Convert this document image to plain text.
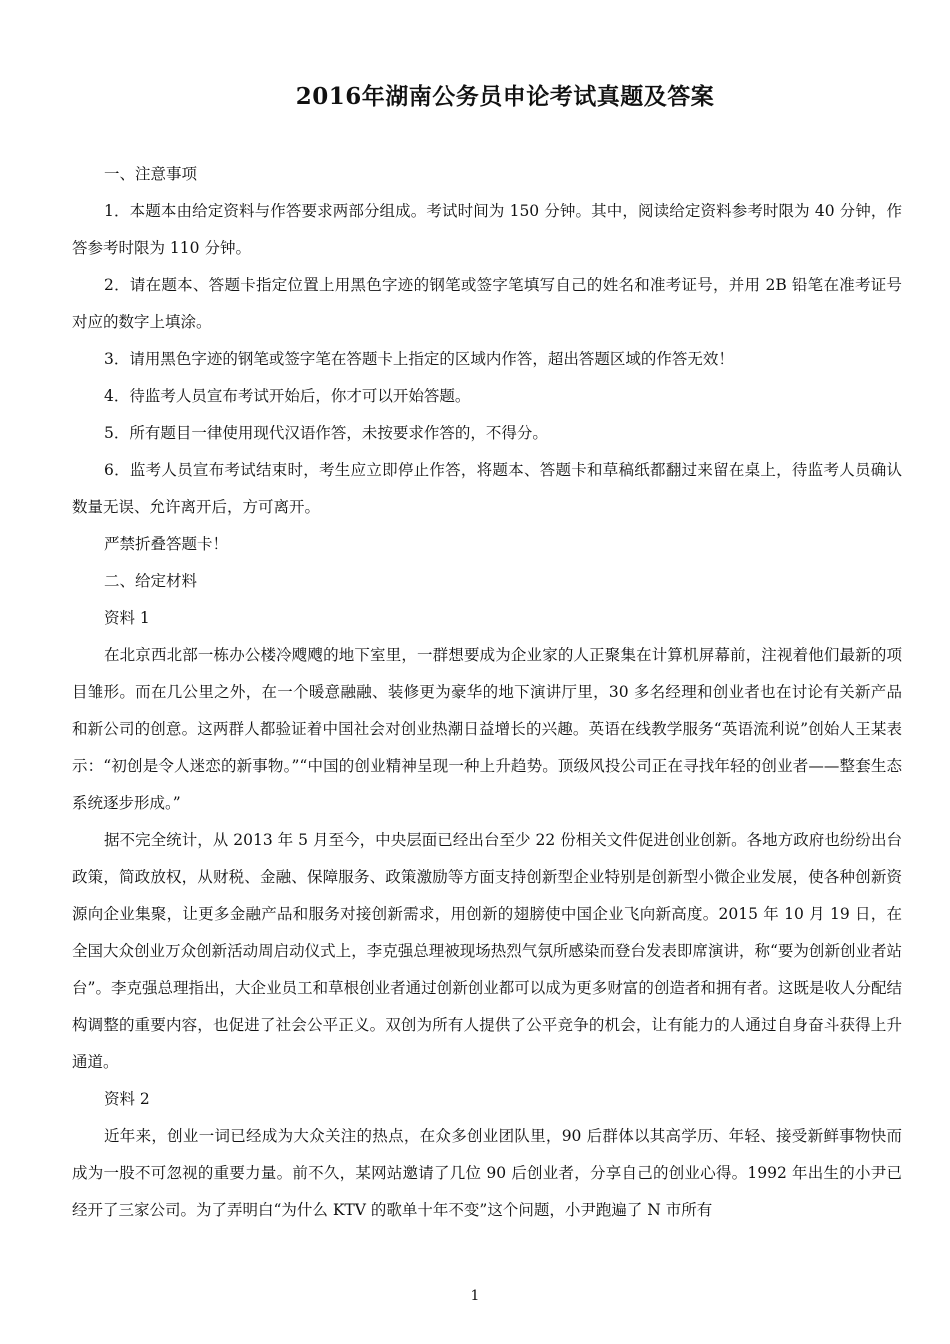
2016年湖南公务员申论考试真题及答案

一、注意事项

1．本题本由给定资料与作答要求两部分组成。考试时间为 150 分钟。其中，阅读给定资料参考时限为 40 分钟，作答参考时限为 110 分钟。

2．请在题本、答题卡指定位置上用黑色字迹的钢笔或签字笔填写自己的姓名和准考证号，并用 2B 铅笔在准考证号对应的数字上填涂。

3．请用黑色字迹的钢笔或签字笔在答题卡上指定的区域内作答，超出答题区域的作答无效！

4．待监考人员宣布考试开始后，你才可以开始答题。

5．所有题目一律使用现代汉语作答，未按要求作答的，不得分。

6．监考人员宣布考试结束时，考生应立即停止作答，将题本、答题卡和草稿纸都翻过来留在桌上，待监考人员确认数量无误、允许离开后，方可离开。

严禁折叠答题卡！

二、给定材料

资料 1

在北京西北部一栋办公楼冷飕飕的地下室里，一群想要成为企业家的人正聚集在计算机屏幕前，注视着他们最新的项目雏形。而在几公里之外，在一个暖意融融、装修更为豪华的地下演讲厅里，30 多名经理和创业者也在讨论有关新产品和新公司的创意。这两群人都验证着中国社会对创业热潮日益增长的兴趣。英语在线教学服务“英语流利说”创始人王某表示：“初创是令人迷恋的新事物。”“中国的创业精神呈现一种上升趋势。顶级风投公司正在寻找年轻的创业者——整套生态系统逐步形成。”

据不完全统计，从 2013 年 5 月至今，中央层面已经出台至少 22 份相关文件促进创业创新。各地方政府也纷纷出台政策，简政放权，从财税、金融、保障服务、政策激励等方面支持创新型企业特别是创新型小微企业发展，使各种创新资源向企业集聚，让更多金融产品和服务对接创新需求，用创新的翅膀使中国企业飞向新高度。2015 年 10 月 19 日，在全国大众创业万众创新活动周启动仪式上，李克强总理被现场热烈气氛所感染而登台发表即席演讲，称“要为创新创业者站台”。李克强总理指出，大企业员工和草根创业者通过创新创业都可以成为更多财富的创造者和拥有者。这既是收人分配结构调整的重要内容，也促进了社会公平正义。双创为所有人提供了公平竞争的机会，让有能力的人通过自身奋斗获得上升通道。

资料 2

近年来，创业一词已经成为大众关注的热点，在众多创业团队里，90 后群体以其高学历、年轻、接受新鲜事物快而成为一股不可忽视的重要力量。前不久，某网站邀请了几位 90 后创业者，分享自己的创业心得。1992 年出生的小尹已经开了三家公司。为了弄明白“为什么 KTV 的歌单十年不变”这个问题，小尹跑遍了 N 市所有

1
